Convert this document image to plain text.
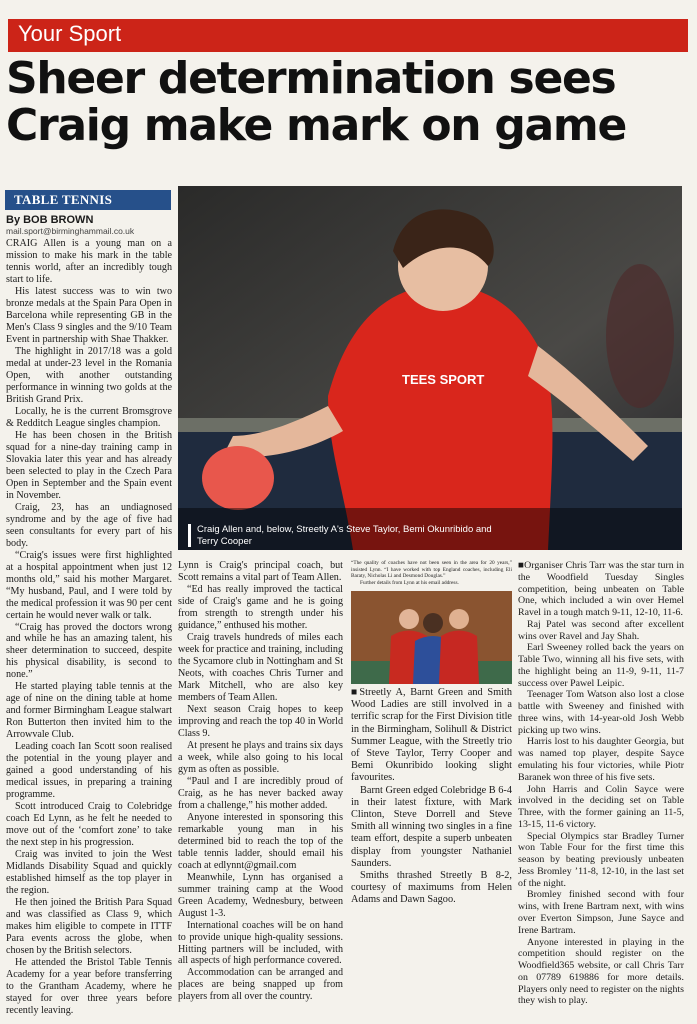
Your Sport
Sheer determination sees
Craig make mark on game
TABLE TENNIS
By BOB BROWN
mail.sport@birminghammail.co.uk
TEES SPORT
Craig Allen and, below, Streetly A's Steve Taylor, Bemi Okunribido and Terry Cooper

CRAIG Allen is a young man on a mission to make his mark in the table tennis world, after an incredibly tough start to life.

His latest success was to win two bronze medals at the Spain Para Open in Barcelona while representing GB in the Men's Class 9 singles and the 9/10 Team Event in partnership with Shae Thakker.

The highlight in 2017/18 was a gold medal at under-23 level in the Romania Open, with another outstanding performance in winning two golds at the British Grand Prix.

Locally, he is the current Bromsgrove & Redditch League singles champion.

He has been chosen in the British squad for a nine-day training camp in Slovakia later this year and has already been selected to play in the Czech Para Open in September and the Spain event in November.

Craig, 23, has an undiagnosed syndrome and by the age of five had seen consultants for every part of his body.

“Craig's issues were first highlighted at a hospital appointment when just 12 months old,” said his mother Margaret. “My husband, Paul, and I were told by the medical profession it was 90 per cent certain he would never walk or talk.

“Craig has proved the doctors wrong and while he has an amazing talent, his sheer determination to succeed, despite his physical disability, is second to none.”

He started playing table tennis at the age of nine on the dining table at home and former Birmingham League stalwart Ron Butterton then invited him to the Arrowvale Club.

Leading coach Ian Scott soon realised the potential in the young player and gained a good understanding of his medical issues, in preparing a training programme.

Scott introduced Craig to Colebridge coach Ed Lynn, as he felt he needed to move out of the ‘comfort zone’ to take the next step in his progression.

Craig was invited to join the West Midlands Disability Squad and quickly established himself as the top player in the region.

He then joined the British Para Squad and was classified as Class 9, which makes him eligible to compete in ITTF Para events across the globe, when chosen by the British selectors.

He attended the Bristol Table Tennis Academy for a year before transferring to the Grantham Academy, where he stayed for over three years before recently leaving.

Lynn is Craig's principal coach, but Scott remains a vital part of Team Allen.

“Ed has really improved the tactical side of Craig's game and he is going from strength to strength under his guidance,” enthused his mother.

Craig travels hundreds of miles each week for practice and training, including the Sycamore club in Nottingham and St Neots, with coaches Chris Turner and Mark Mitchell, who are also key members of Team Allen.

Next season Craig hopes to keep improving and reach the top 40 in World Class 9.

At present he plays and trains six days a week, while also going to his local gym as often as possible.

“Paul and I are incredibly proud of Craig, as he has never backed away from a challenge,” his mother added.

Anyone interested in sponsoring this remarkable young man in his determined bid to reach the top of the table tennis ladder, should email his coach at edlynnt@gmail.com

Meanwhile, Lynn has organised a summer training camp at the Wood Green Academy, Wednesbury, between August 1-3.

International coaches will be on hand to provide unique high-quality sessions. Hitting partners will be included, with all aspects of high performance covered.

Accommodation can be arranged and places are being snapped up from players from all over the country.

“The quality of coaches have not been seen in the area for 20 years,” insisted Lynn. “I have worked with top England coaches, including Eli Baraty, Nicholas Li and Desmond Douglas.”

Further details from Lynn at his email address.

■ Streetly A, Barnt Green and Smith Wood Ladies are still involved in a terrific scrap for the First Division title in the Birmingham, Solihull & District Summer League, with the Streetly trio of Steve Taylor, Terry Cooper and Bemi Okunribido looking slight favourites.

Barnt Green edged Colebridge B 6-4 in their latest fixture, with Mark Clinton, Steve Dorrell and Steve Smith all winning two singles in a fine team effort, despite a superb unbeaten display from youngster Nathaniel Saunders.

Smiths thrashed Streetly B 8-2, courtesy of maximums from Helen Adams and Dawn Sagoo.

■ Organiser Chris Tarr was the star turn in the Woodfield Tuesday Singles competition, being unbeaten on Table One, which included a win over Hemel Ravel in a tough match 9-11, 12-10, 11-6.

Raj Patel was second after excellent wins over Ravel and Jay Shah.

Earl Sweeney rolled back the years on Table Two, winning all his five sets, with the highlight being an 11-9, 9-11, 11-7 success over Pawel Leipic.

Teenager Tom Watson also lost a close battle with Sweeney and finished with three wins, with 14-year-old Josh Webb picking up two wins.

Harris lost to his daughter Georgia, but was named top player, despite Sayce emulating his four victories, while Piotr Baranek won three of his five sets.

John Harris and Colin Sayce were involved in the deciding set on Table Three, with the former gaining an 11-5, 13-15, 11-6 victory.

Special Olympics star Bradley Turner won Table Four for the first time this season by beating previously unbeaten Jess Bromley ’11-8, 12-10, in the last set of the night.

Bromley finished second with four wins, with Irene Bartram next, with wins over Everton Simpson, June Sayce and Irene Bartram.

Anyone interested in playing in the competition should register on the Woodfield365 website, or call Chris Tarr on 07789 619886 for more details. Players only need to register on the nights they wish to play.
